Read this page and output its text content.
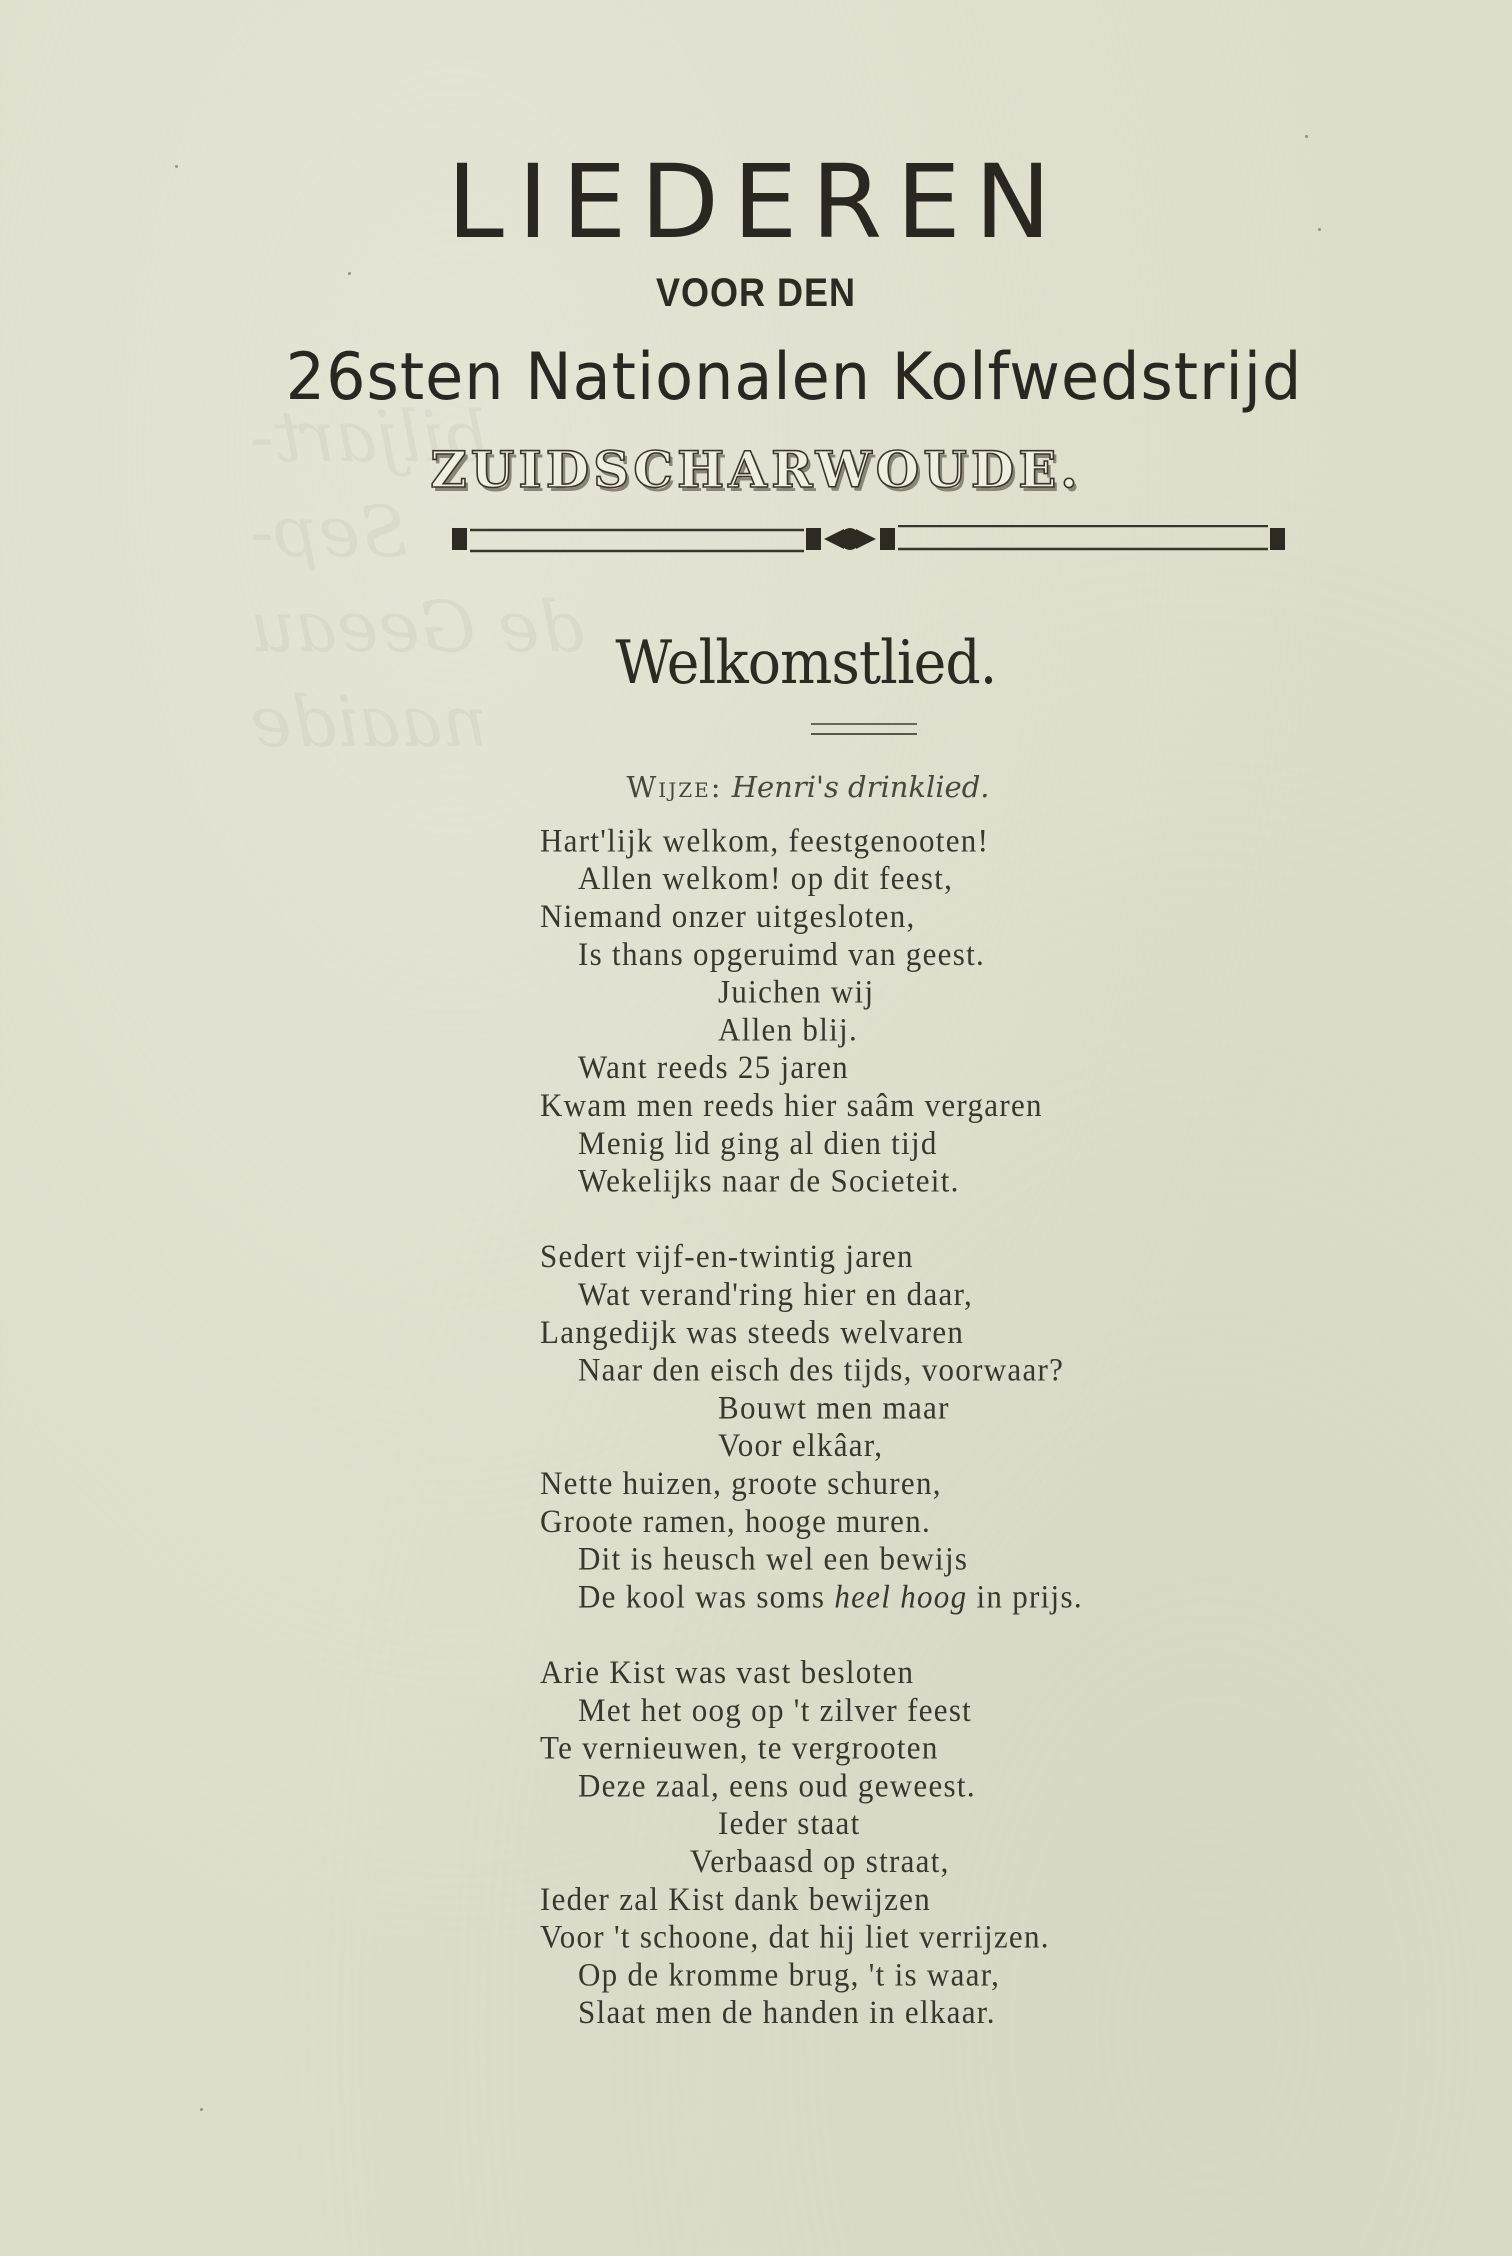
biljart-
Sep-
de Geeau
naaide
LIEDEREN
VOOR DEN
26sten Nationalen Kolfwedstrijd
ZUIDSCHARWOUDE.
Welkomstlied.
Wijze: Henri's drinklied.
Hart'lijk welkom, feestgenooten!
Allen welkom! op dit feest,
Niemand onzer uitgesloten,
Is thans opgeruimd van geest.
Juichen wij
Allen blij.
Want reeds 25 jaren
Kwam men reeds hier saâm vergaren
Menig lid ging al dien tijd
Wekelijks naar de Societeit.
Sedert vijf-en-twintig jaren
Wat verand'ring hier en daar,
Langedijk was steeds welvaren
Naar den eisch des tijds, voorwaar?
Bouwt men maar
Voor elkâar,
Nette huizen, groote schuren,
Groote ramen, hooge muren.
Dit is heusch wel een bewijs
De kool was soms heel hoog in prijs.
Arie Kist was vast besloten
Met het oog op 't zilver feest
Te vernieuwen, te vergrooten
Deze zaal, eens oud geweest.
Ieder staat
Verbaasd op straat,
Ieder zal Kist dank bewijzen
Voor 't schoone, dat hij liet verrijzen.
Op de kromme brug, 't is waar,
Slaat men de handen in elkaar.
